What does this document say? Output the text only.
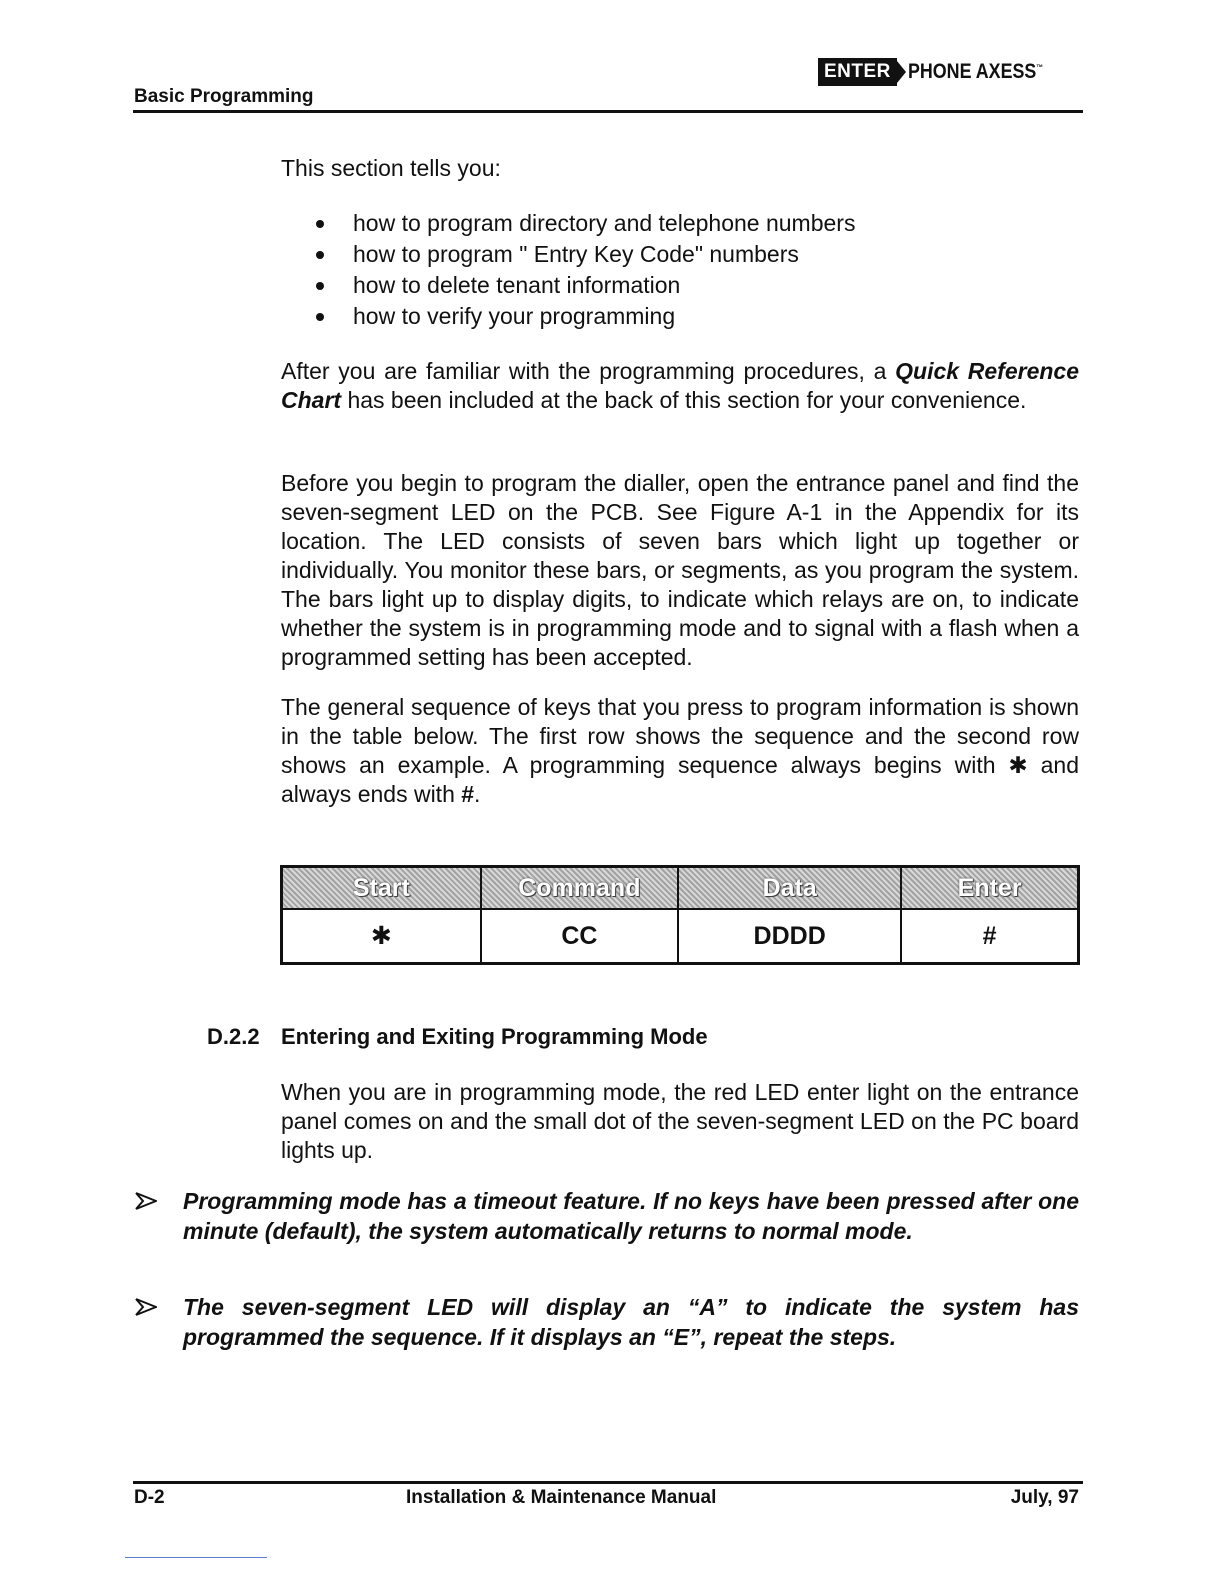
Basic Programming
ENTER PHONE AXESS™
This section tells you:
how to program directory and telephone numbers
how to program " Entry Key Code" numbers
how to delete tenant information
how to verify your programming

After you are familiar with the programming procedures, a Quick Reference Chart has been included at the back of this section for your convenience.

Before you begin to program the dialler, open the entrance panel and find the seven-segment LED on the PCB. See Figure A-1 in the Appendix for its location. The LED consists of seven bars which light up together or individually. You monitor these bars, or segments, as you program the system. The bars light up to display digits, to indicate which relays are on, to indicate whether the system is in programming mode and to signal with a flash when a programmed setting has been accepted.

The general sequence of keys that you press to program information is shown in the table below. The first row shows the sequence and the second row shows an example. A programming sequence always begins with ✱ and always ends with #.

Start	Command	Data	Enter
✱	CC	DDDD	#
D.2.2 Entering and Exiting Programming Mode

When you are in programming mode, the red LED enter light on the entrance panel comes on and the small dot of the seven-segment LED on the PC board lights up.

Programming mode has a timeout feature. If no keys have been pressed after one minute (default), the system automatically returns to normal mode.
The seven-segment LED will display an “A” to indicate the system has programmed the sequence. If it displays an “E”, repeat the steps.
D-2	Installation & Maintenance Manual	July, 97
